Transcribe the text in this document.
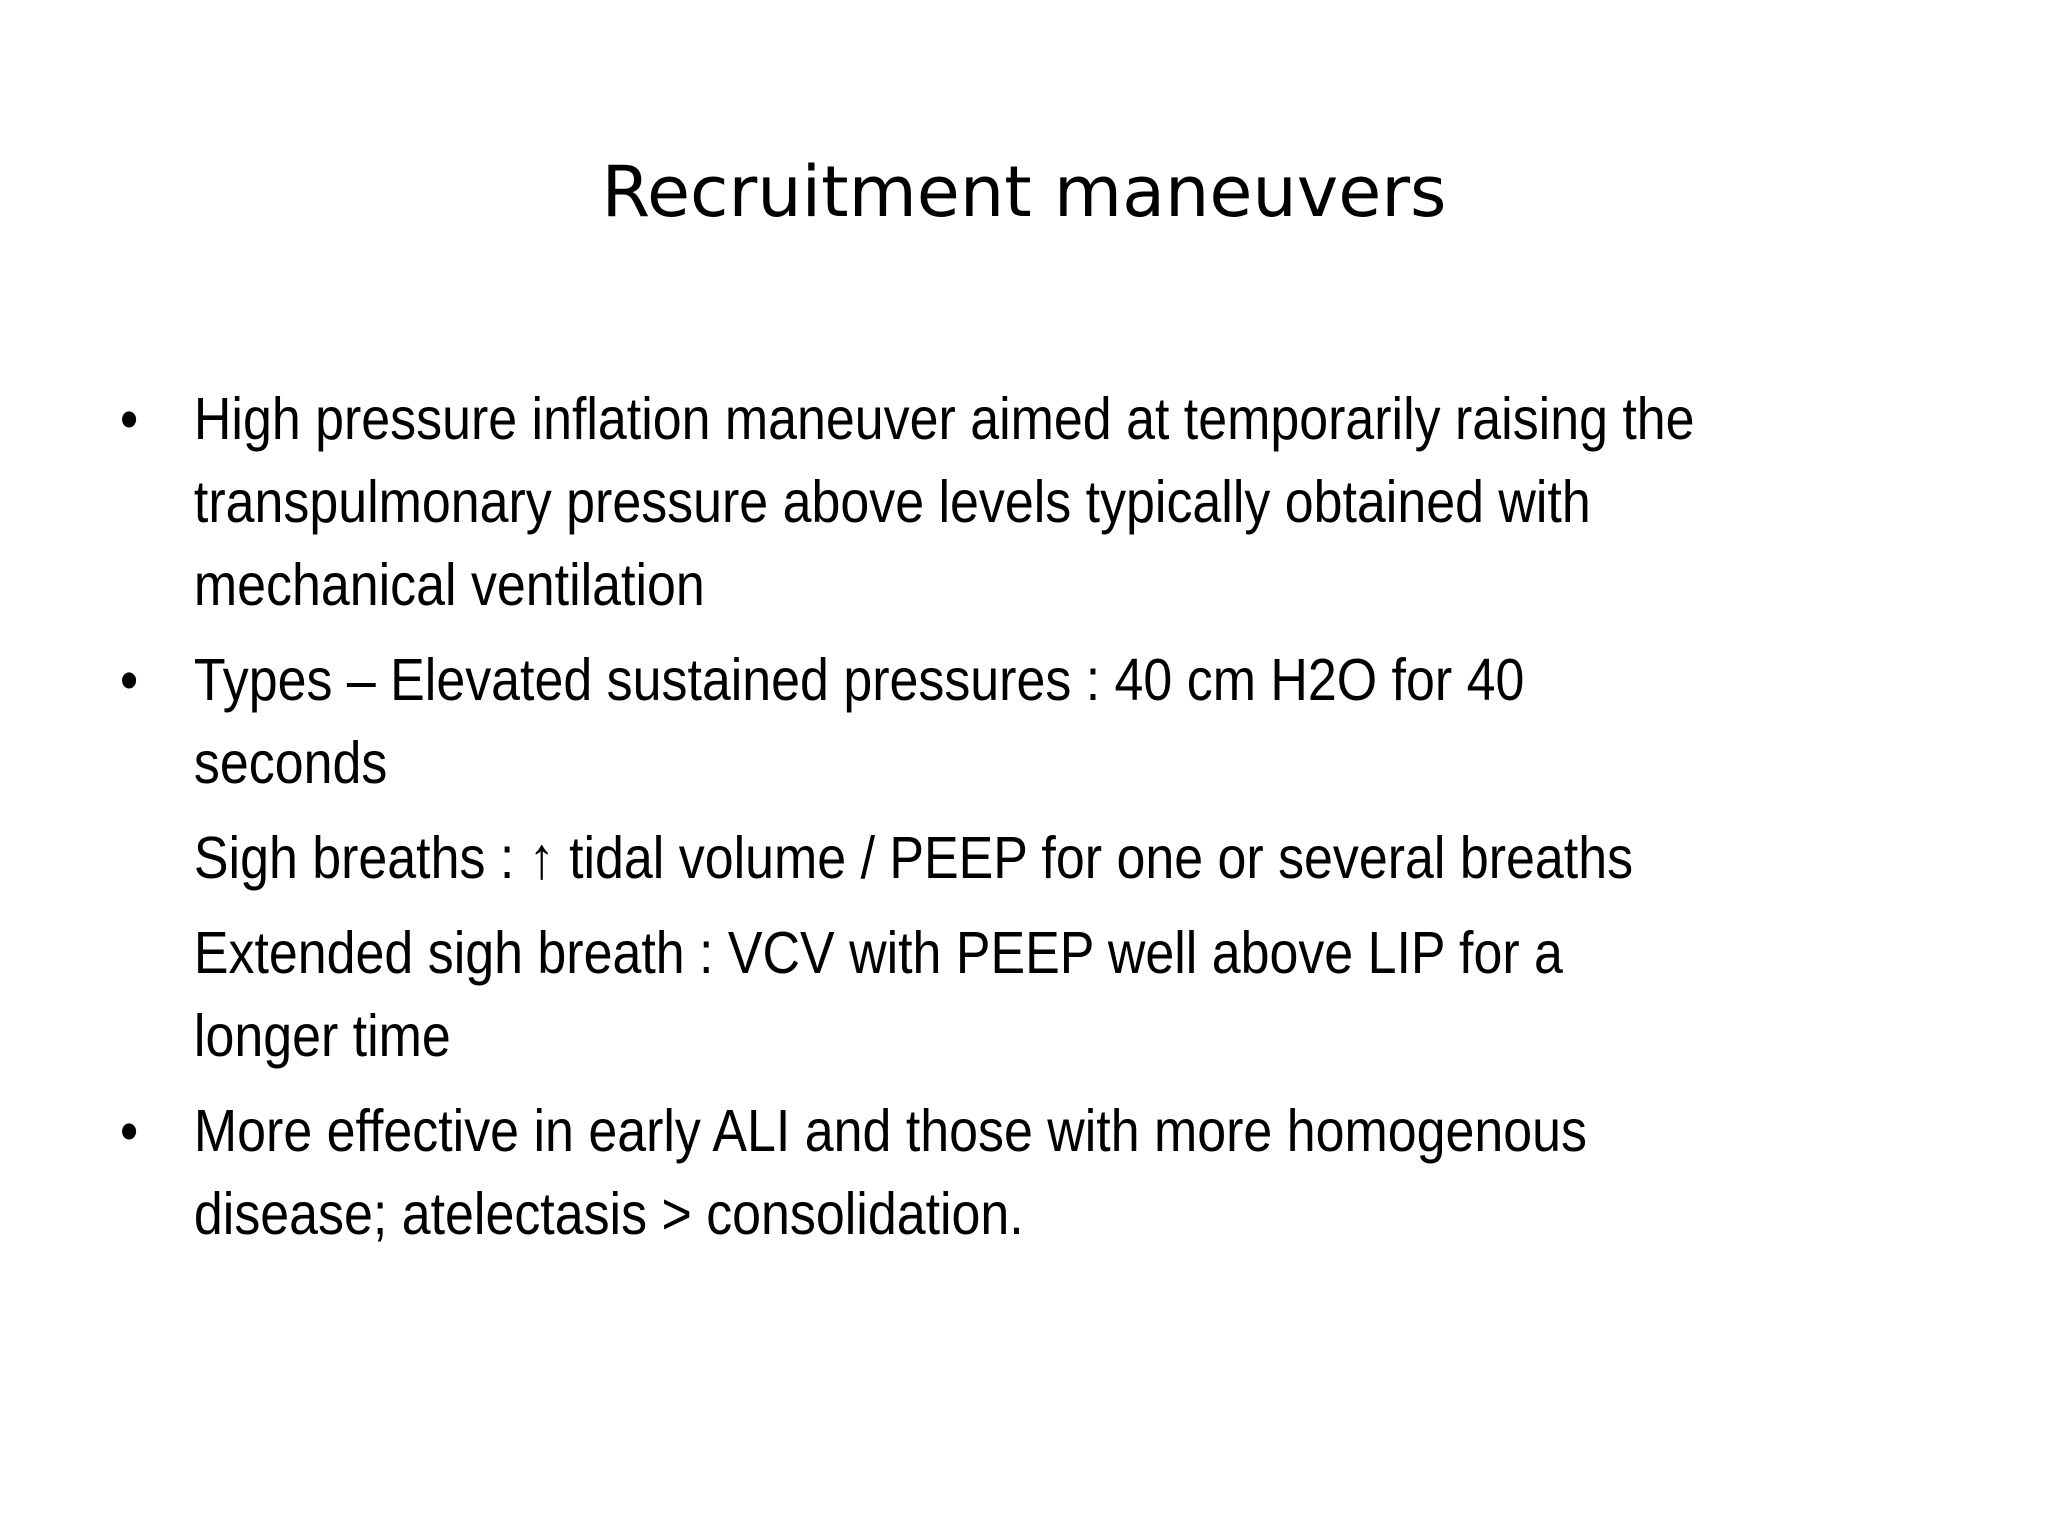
Recruitment maneuvers
• High pressure inflation maneuver aimed at temporarily raising the transpulmonary pressure above levels typically obtained with mechanical ventilation
• Types – Elevated sustained pressures : 40 cm H2O for 40 seconds
Sigh breaths : ↑ tidal volume / PEEP for one or several breaths
Extended sigh breath : VCV with PEEP well above LIP for a longer time
• More effective in early ALI and those with more homogenous disease; atelectasis > consolidation.
